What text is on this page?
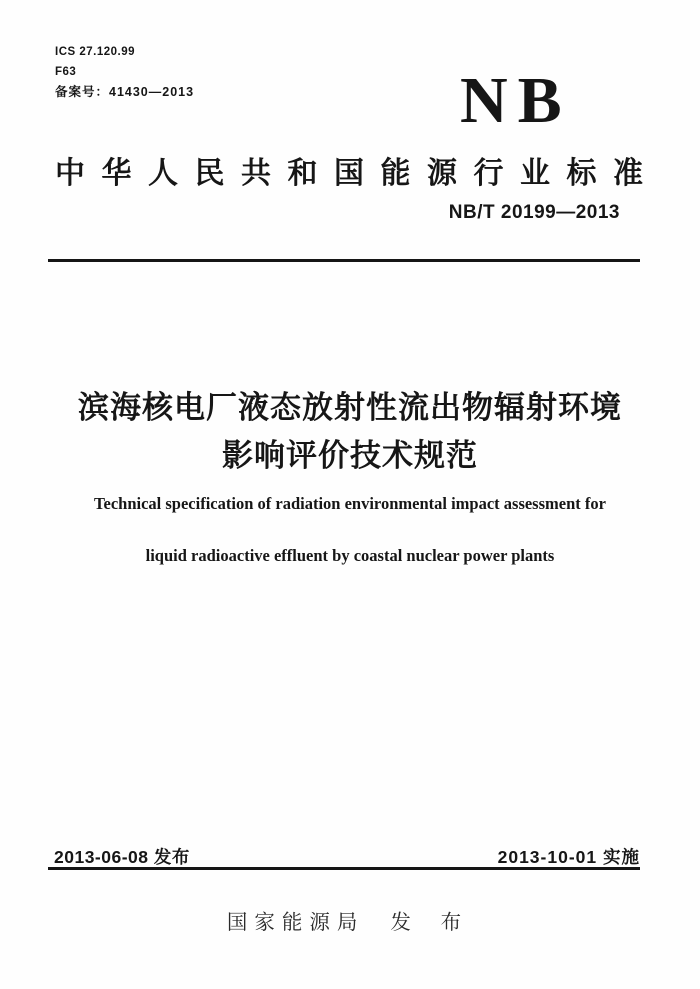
ICS 27.120.99
F63
备案号：41430—2013	NB
中华人民共和国能源行业标准
NB/T 20199—2013
滨海核电厂液态放射性流出物辐射环境
影响评价技术规范
Technical specification of radiation environmental impact assessment for
liquid radioactive effluent by coastal nuclear power plants
2013-06-08 发布	2013-10-01 实施
国家能源局 发 布
